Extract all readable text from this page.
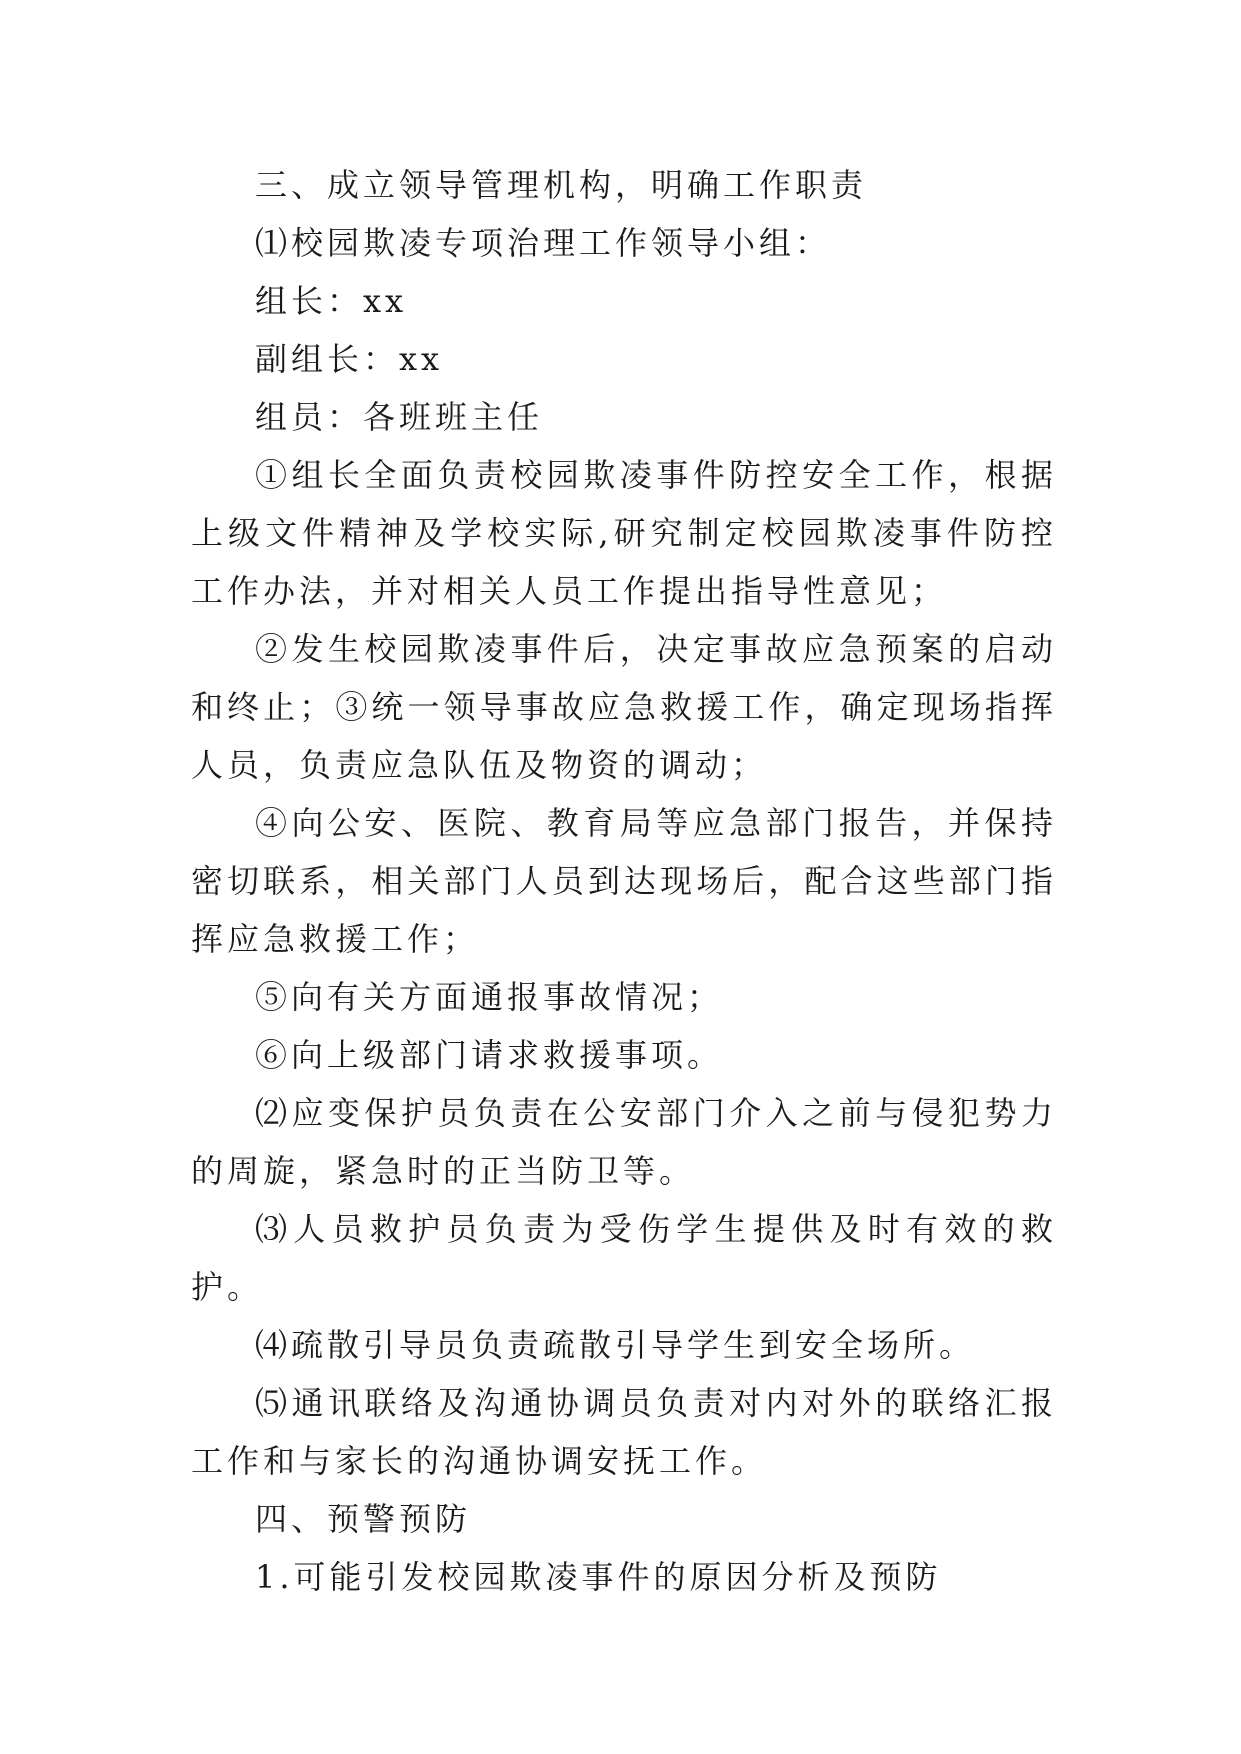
三、成立领导管理机构，明确工作职责

⑴校园欺凌专项治理工作领导小组：

组长：xx

副组长：xx

组员：各班班主任

①组长全面负责校园欺凌事件防控安全工作，根据上级文件精神及学校实际,研究制定校园欺凌事件防控工作办法，并对相关人员工作提出指导性意见；

②发生校园欺凌事件后，决定事故应急预案的启动和终止；③统一领导事故应急救援工作，确定现场指挥人员，负责应急队伍及物资的调动；

④向公安、医院、教育局等应急部门报告，并保持密切联系，相关部门人员到达现场后，配合这些部门指挥应急救援工作；

⑤向有关方面通报事故情况；

⑥向上级部门请求救援事项。

⑵应变保护员负责在公安部门介入之前与侵犯势力的周旋，紧急时的正当防卫等。

⑶人员救护员负责为受伤学生提供及时有效的救护。

⑷疏散引导员负责疏散引导学生到安全场所。

⑸通讯联络及沟通协调员负责对内对外的联络汇报工作和与家长的沟通协调安抚工作。

四、预警预防

1.可能引发校园欺凌事件的原因分析及预防
